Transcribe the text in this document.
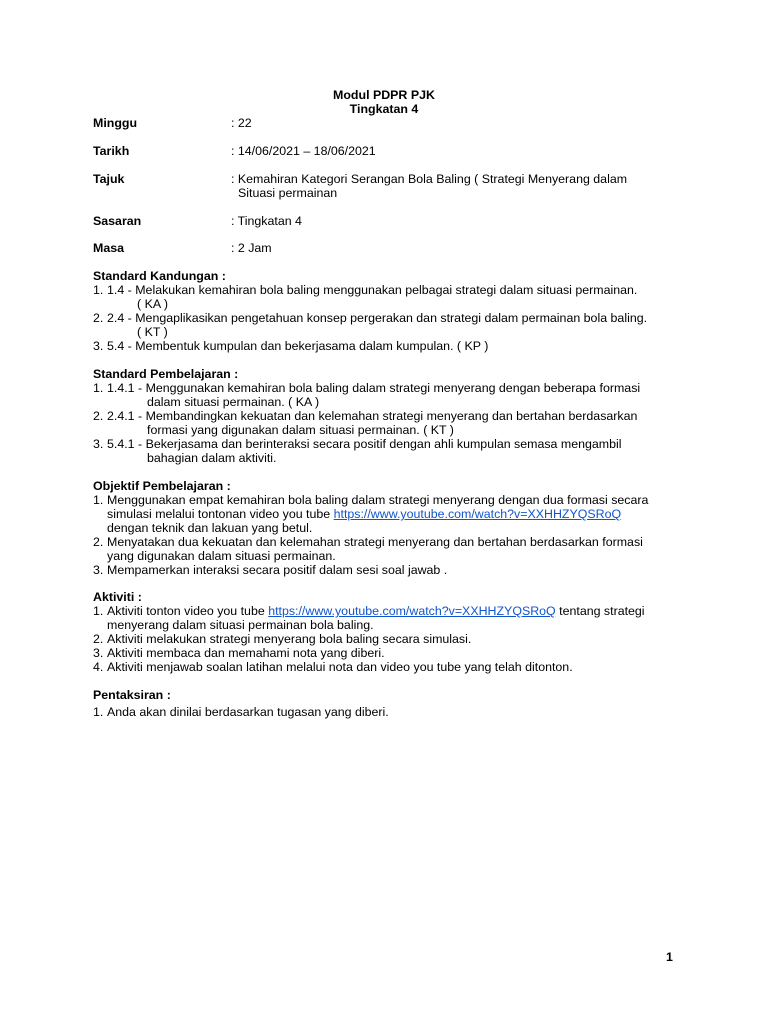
Modul PDPR PJK
Tingkatan 4
Minggu	: 22
Tarikh	: 14/06/2021 – 18/06/2021
Tajuk	: Kemahiran Kategori Serangan Bola Baling ( Strategi Menyerang dalam
Situasi permainan
Sasaran	: Tingkatan 4
Masa	: 2 Jam
Standard Kandungan :
1. 1.4 - Melakukan kemahiran bola baling menggunakan pelbagai strategi dalam situasi permainan.
( KA )
2. 2.4 - Mengaplikasikan pengetahuan konsep pergerakan dan strategi dalam permainan bola baling.
( KT )
3. 5.4 - Membentuk kumpulan dan bekerjasama dalam kumpulan. ( KP )
Standard Pembelajaran :
1. 1.4.1 - Menggunakan kemahiran bola baling dalam strategi menyerang dengan beberapa formasi
dalam situasi permainan. ( KA )
2. 2.4.1 - Membandingkan kekuatan dan kelemahan strategi menyerang dan bertahan berdasarkan
formasi yang digunakan dalam situasi permainan. ( KT )
3. 5.4.1 - Bekerjasama dan berinteraksi secara positif dengan ahli kumpulan semasa mengambil
bahagian dalam aktiviti.
Objektif Pembelajaran :
1. Menggunakan empat kemahiran bola baling dalam strategi menyerang dengan dua formasi secara
simulasi melalui tontonan video you tube https://www.youtube.com/watch?v=XXHHZYQSRoQ
dengan teknik dan lakuan yang betul.
2. Menyatakan dua kekuatan dan kelemahan strategi menyerang dan bertahan berdasarkan formasi
yang digunakan dalam situasi permainan.
3. Mempamerkan interaksi secara positif dalam sesi soal jawab .
Aktiviti :
1. Aktiviti tonton video you tube https://www.youtube.com/watch?v=XXHHZYQSRoQ tentang strategi
menyerang dalam situasi permainan bola baling.
2. Aktiviti melakukan strategi menyerang bola baling secara simulasi.
3. Aktiviti membaca dan memahami nota yang diberi.
4. Aktiviti menjawab soalan latihan melalui nota dan video you tube yang telah ditonton.
Pentaksiran :
1. Anda akan dinilai berdasarkan tugasan yang diberi.
1
